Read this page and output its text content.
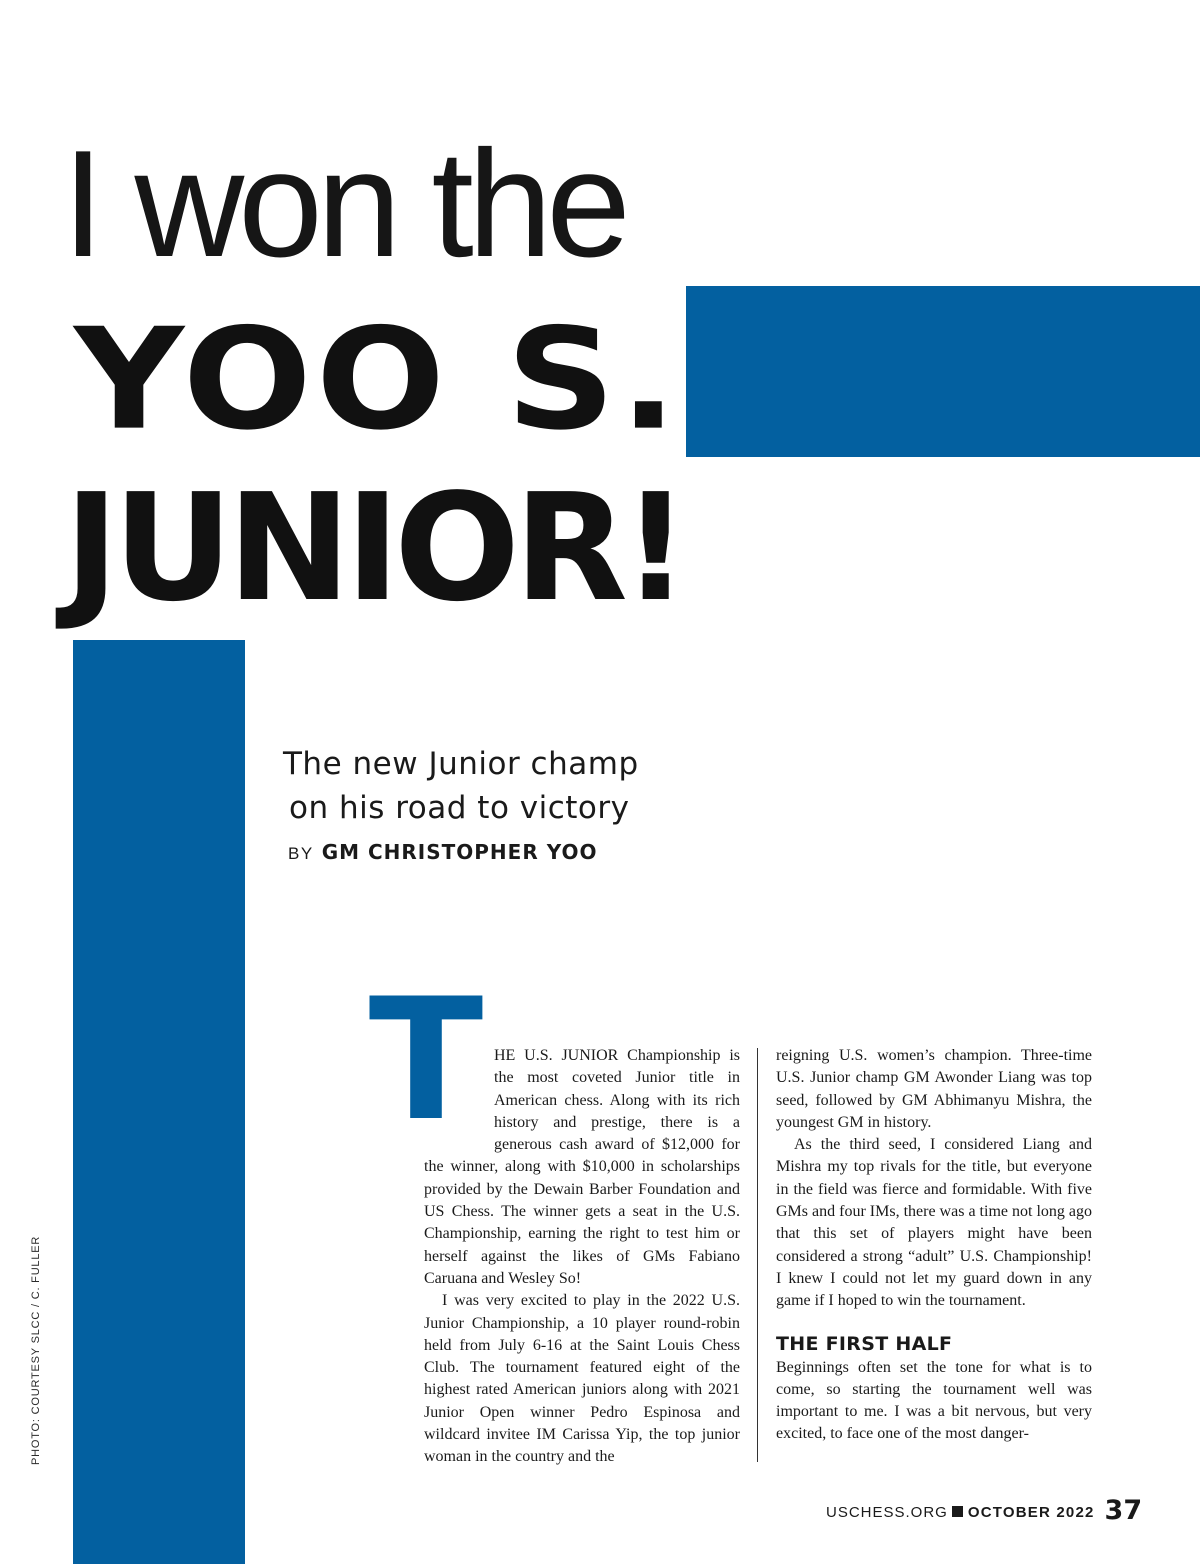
I won the
YOO S.
JUNIOR!
The new Junior champ
on his road to victory
BY GM CHRISTOPHER YOO
PHOTO: COURTESY SLCC / C. FULLER
T HE U.S. JUNIOR Championship is the most coveted Junior title in American chess. Along with its rich history and prestige, there is a generous cash award of $12,000 for the winner, along with $10,000 in scholarships provided by the Dewain Barber Foundation and US Chess. The winner gets a seat in the U.S. Championship, earning the right to test him or herself against the likes of GMs Fabiano Caruana and Wesley So!

I was very excited to play in the 2022 U.S. Junior Championship, a 10 player round-robin held from July 6-16 at the Saint Louis Chess Club. The tournament featured eight of the highest rated American juniors along with 2021 Junior Open winner Pedro Espinosa and wildcard invitee IM Carissa Yip, the top junior woman in the country and the

reigning U.S. women’s champion. Three-time U.S. Junior champ GM Awonder Liang was top seed, followed by GM Abhimanyu Mishra, the youngest GM in history.

As the third seed, I considered Liang and Mishra my top rivals for the title, but everyone in the field was fierce and formidable. With five GMs and four IMs, there was a time not long ago that this set of players might have been considered a strong “adult” U.S. Championship! I knew I could not let my guard down in any game if I hoped to win the tournament.

THE FIRST HALF

Beginnings often set the tone for what is to come, so starting the tournament well was important to me. I was a bit nervous, but very excited, to face one of the most danger-

USCHESS.ORG OCTOBER 2022 37
